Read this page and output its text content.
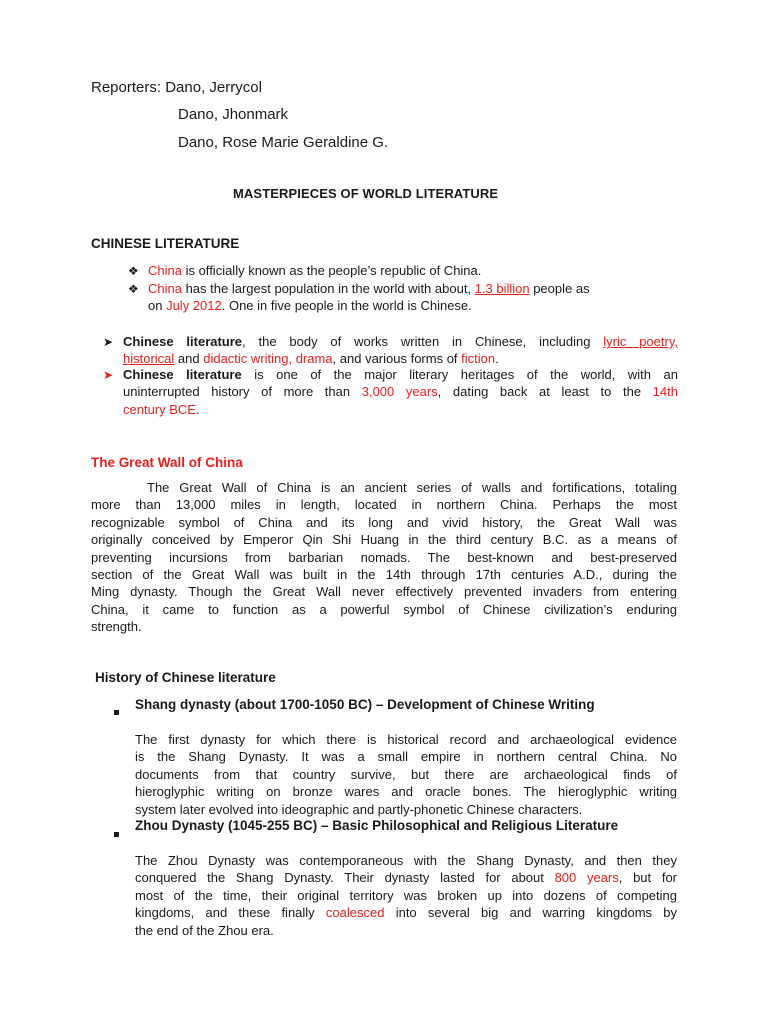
Reporters: Dano, Jerrycol
Dano, Jhonmark
Dano, Rose Marie Geraldine G.
MASTERPIECES OF WORLD LITERATURE
CHINESE LITERATURE
❖ China is officially known as the people’s republic of China.
❖ China has the largest population in the world with about, 1.3 billion people as
on July 2012. One in five people in the world is Chinese.
➤ Chinese literature, the body of works written in Chinese, including lyric poetry,
historical and didactic writing, drama, and various forms of fiction.
➤ Chinese literature is one of the major literary heritages of the world, with an
uninterrupted history of more than 3,000 years, dating back at least to the 14th
century BCE.
The Great Wall of China
The Great Wall of China is an ancient series of walls and fortifications, totaling
more than 13,000 miles in length, located in northern China. Perhaps the most
recognizable symbol of China and its long and vivid history, the Great Wall was
originally conceived by Emperor Qin Shi Huang in the third century B.C. as a means of
preventing incursions from barbarian nomads. The best-known and best-preserved
section of the Great Wall was built in the 14th through 17th centuries A.D., during the
Ming dynasty. Though the Great Wall never effectively prevented invaders from entering
China, it came to function as a powerful symbol of Chinese civilization’s enduring
strength.
History of Chinese literature
Shang dynasty (about 1700-1050 BC) – Development of Chinese Writing
The first dynasty for which there is historical record and archaeological evidence
is the Shang Dynasty. It was a small empire in northern central China. No
documents from that country survive, but there are archaeological finds of
hieroglyphic writing on bronze wares and oracle bones. The hieroglyphic writing
system later evolved into ideographic and partly-phonetic Chinese characters.
Zhou Dynasty (1045-255 BC) – Basic Philosophical and Religious Literature
The Zhou Dynasty was contemporaneous with the Shang Dynasty, and then they
conquered the Shang Dynasty. Their dynasty lasted for about 800 years, but for
most of the time, their original territory was broken up into dozens of competing
kingdoms, and these finally coalesced into several big and warring kingdoms by
the end of the Zhou era.
